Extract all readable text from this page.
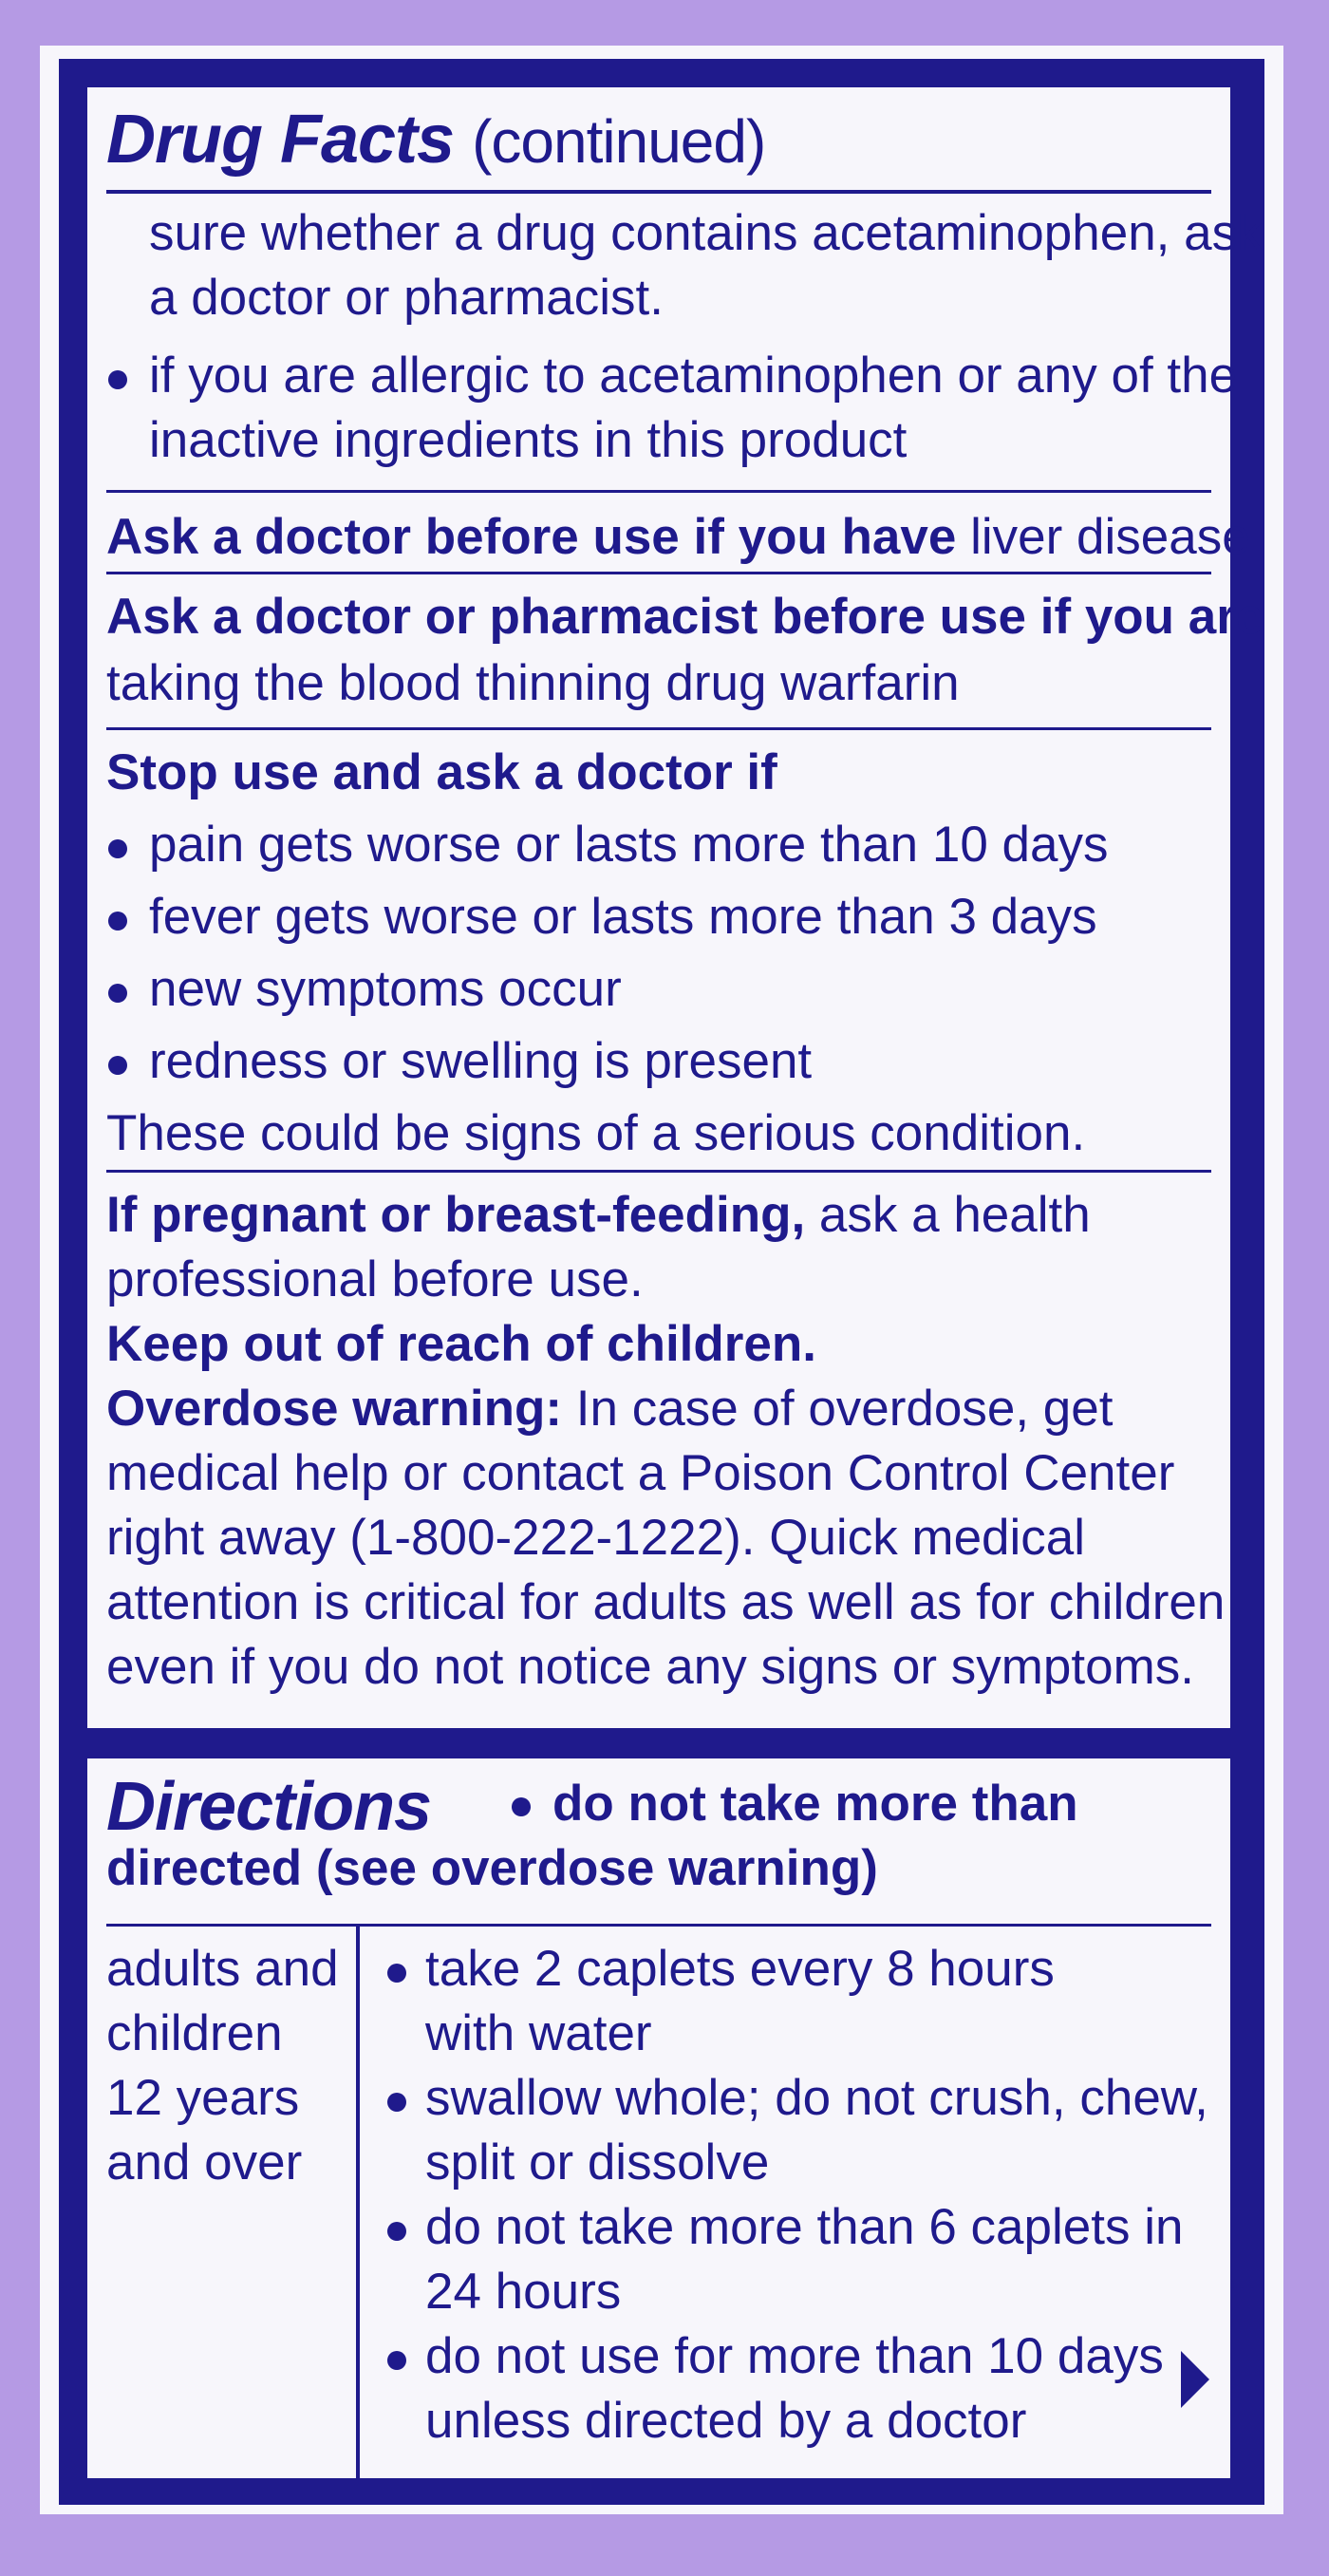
Drug Facts (continued)

sure whether a drug contains acetaminophen, ask

a doctor or pharmacist.

if you are allergic to acetaminophen or any of the

inactive ingredients in this product

Ask a doctor before use if you have liver disease

Ask a doctor or pharmacist before use if you are

taking the blood thinning drug warfarin

Stop use and ask a doctor if

pain gets worse or lasts more than 10 days

fever gets worse or lasts more than 3 days

new symptoms occur

redness or swelling is present

These could be signs of a serious condition.

If pregnant or breast-feeding, ask a health

professional before use.

Keep out of reach of children.

Overdose warning: In case of overdose, get

medical help or contact a Poison Control Center

right away (1-800-222-1222). Quick medical

attention is critical for adults as well as for children

even if you do not notice any signs or symptoms.

Directions do not take more than

directed (see overdose warning)

adults and

children

12 years

and over

take 2 caplets every 8 hours

with water

swallow whole; do not crush, chew,

split or dissolve

do not take more than 6 caplets in

24 hours

do not use for more than 10 days

unless directed by a doctor
